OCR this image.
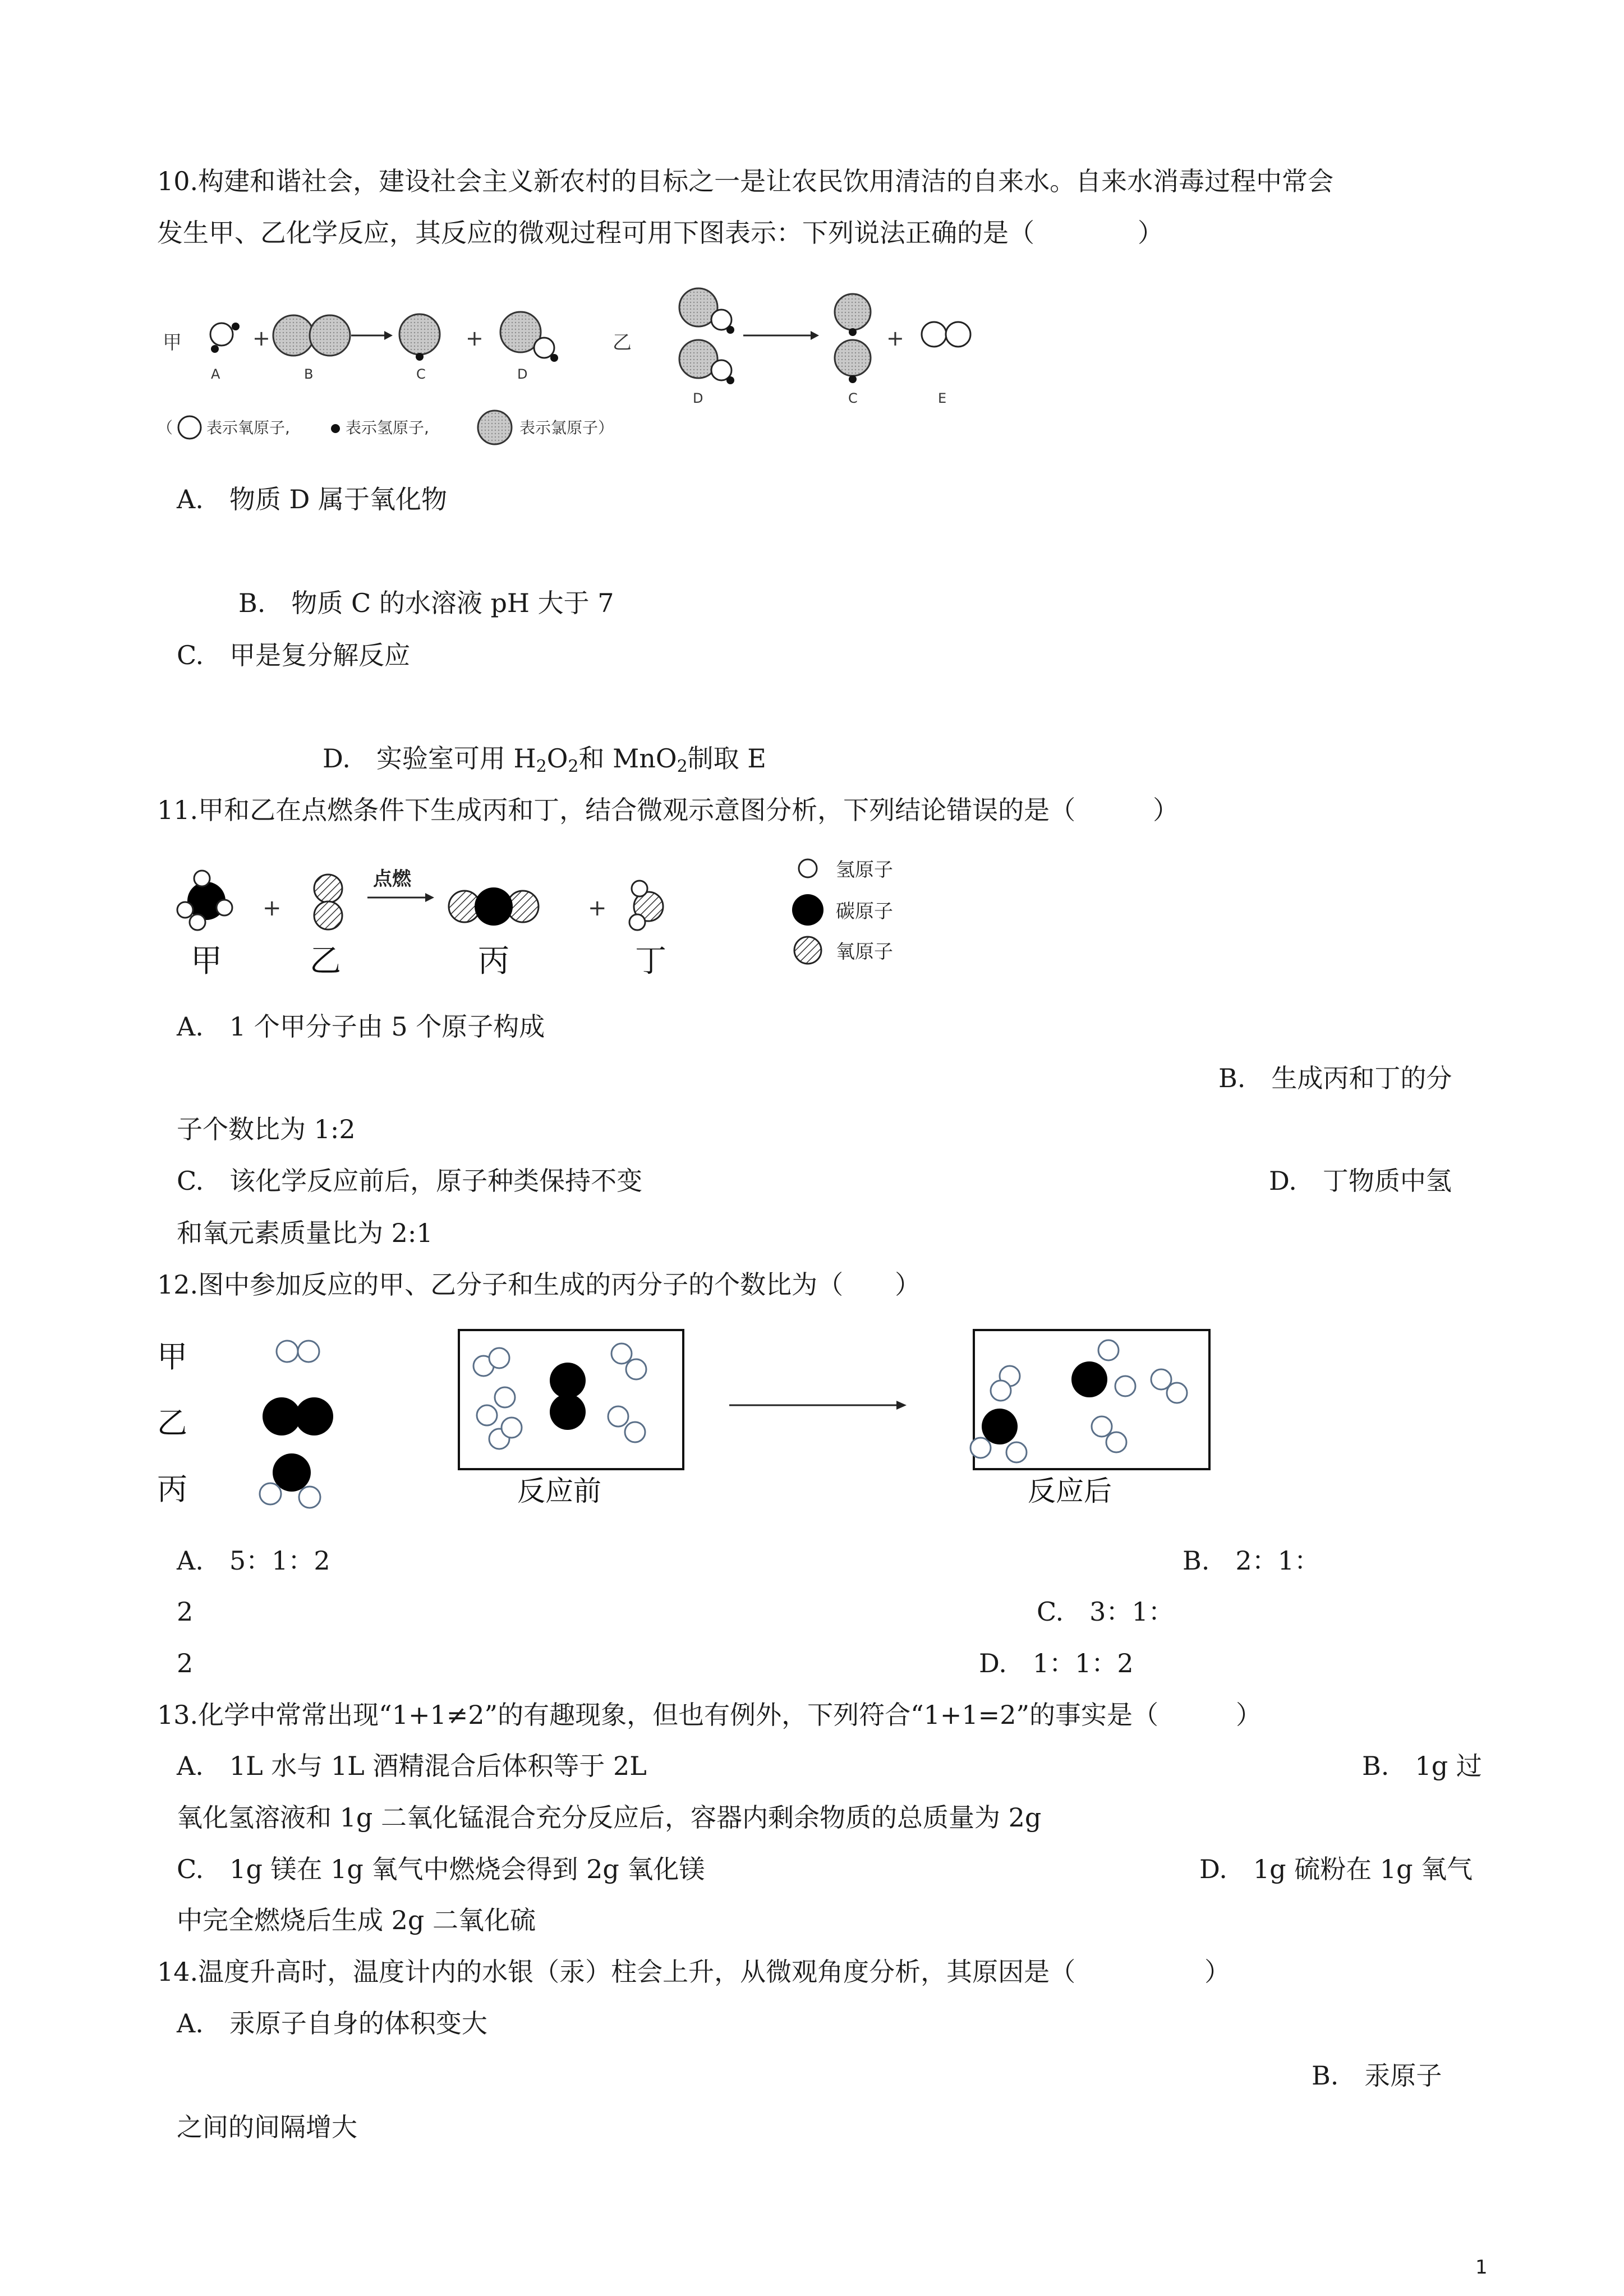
10.构建和谐社会，建设社会主义新农村的目标之一是让农民饮用清洁的自来水。自来水消毒过程中常会
发生甲、乙化学反应，其反应的微观过程可用下图表示：下列说法正确的是（　　　　）
甲
A
+
B	C
+
D
乙
D	C
+
E
（ 表示氧原子,	表示氢原子,	表示氯原子）
A.　物质 D 属于氧化物
B.　物质 C 的水溶液 pH 大于 7
C.　甲是复分解反应
D.　实验室可用 $H_2O_2$和 MnO$_2$制取 E
11.甲和乙在点燃条件下生成丙和丁，结合微观示意图分析，下列结论错误的是（　　　）
甲
+
乙
点燃
丙
+
丁
氢原子
碳原子
氧原子
A.　1 个甲分子由 5 个原子构成
B.　生成丙和丁的分
子个数比为 1:2
C.　该化学反应前后，原子种类保持不变	D.　丁物质中氢
和氧元素质量比为 2:1
12.图中参加反应的甲、乙分子和生成的丙分子的个数比为（　　）
甲
乙
丙	反应前	反应后
A.　5：1：2	B.　2：1：
2	C.　3：1：
2	D.　1：1：2
13.化学中常常出现“1+1≠2”的有趣现象，但也有例外，下列符合“1+1=2”的事实是（　　　）
A.　1L 水与 1L 酒精混合后体积等于 2L	B.　1g 过
氧化氢溶液和 1g 二氧化锰混合充分反应后，容器内剩余物质的总质量为 2g
C.　1g 镁在 1g 氧气中燃烧会得到 2g 氧化镁	D.　1g 硫粉在 1g 氧气
中完全燃烧后生成 2g 二氧化硫
14.温度升高时，温度计内的水银（汞）柱会上升，从微观角度分析，其原因是（　　　　　）
A.　汞原子自身的体积变大
B.　汞原子
之间的间隔增大
1
